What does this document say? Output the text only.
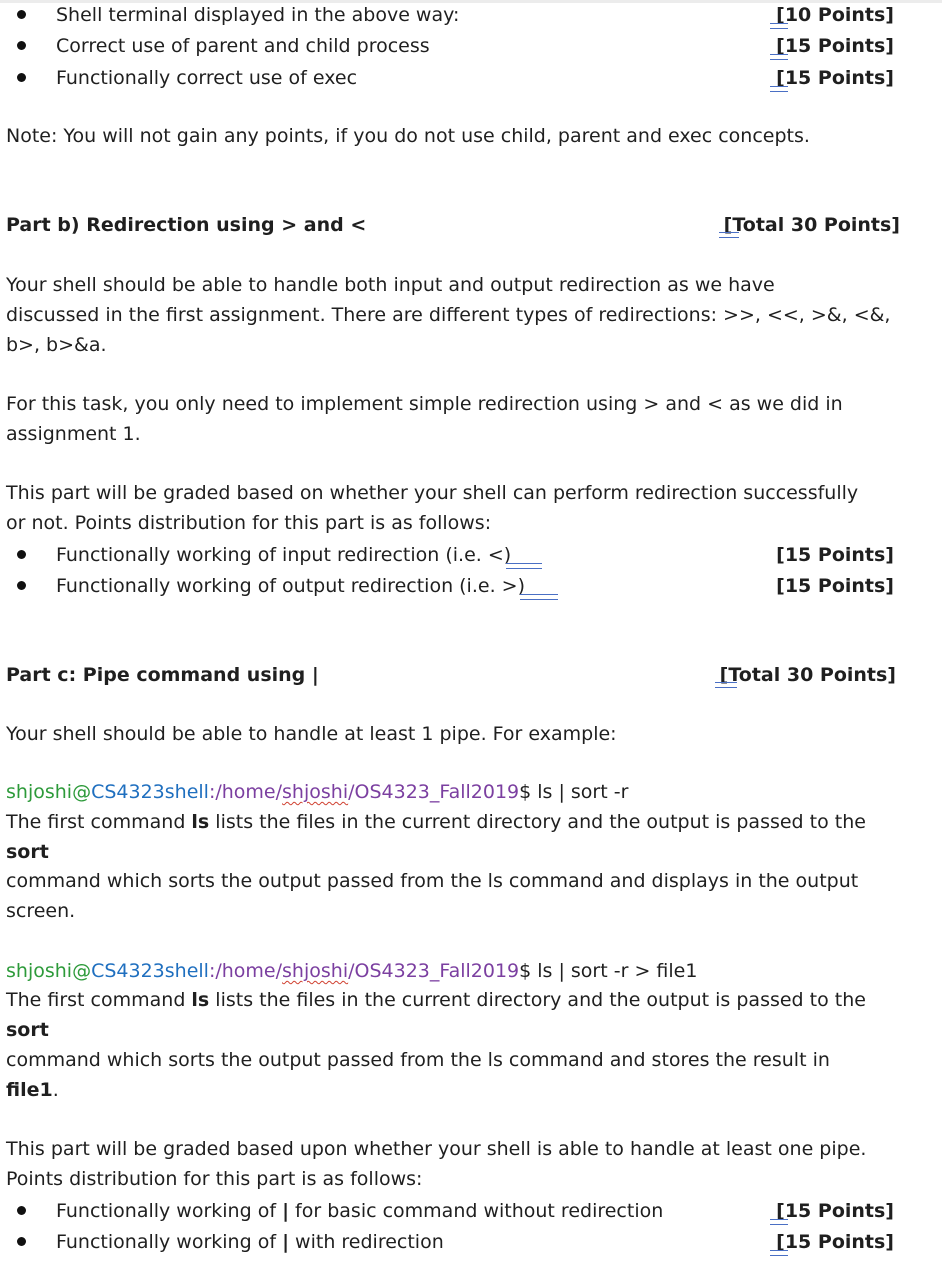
Shell terminal displayed in the above way:	[10 Points]
Correct use of parent and child process	[15 Points]
Functionally correct use of exec	[15 Points]
Note: You will not gain any points, if you do not use child, parent and exec concepts.
Part b) Redirection using > and <	[Total 30 Points]
Your shell should be able to handle both input and output redirection as we have
discussed in the first assignment. There are different types of redirections: >>, <<, >&, <&,
b>, b>&a.
For this task, you only need to implement simple redirection using > and < as we did in
assignment 1.
This part will be graded based on whether your shell can perform redirection successfully
or not. Points distribution for this part is as follows:
Functionally working of input redirection (i.e. <)	[15 Points]
Functionally working of output redirection (i.e. >)	[15 Points]
Part c: Pipe command using |	[Total 30 Points]
Your shell should be able to handle at least 1 pipe. For example:
shjoshi@CS4323shell:/home/shjoshi/OS4323_Fall2019$ ls | sort -r
The first command ls lists the files in the current directory and the output is passed to the
sort
command which sorts the output passed from the ls command and displays in the output
screen.
shjoshi@CS4323shell:/home/shjoshi/OS4323_Fall2019$ ls | sort -r > file1
The first command ls lists the files in the current directory and the output is passed to the
sort
command which sorts the output passed from the ls command and stores the result in
file1.
This part will be graded based upon whether your shell is able to handle at least one pipe.
Points distribution for this part is as follows:
Functionally working of | for basic command without redirection	[15 Points]
Functionally working of | with redirection	[15 Points]
